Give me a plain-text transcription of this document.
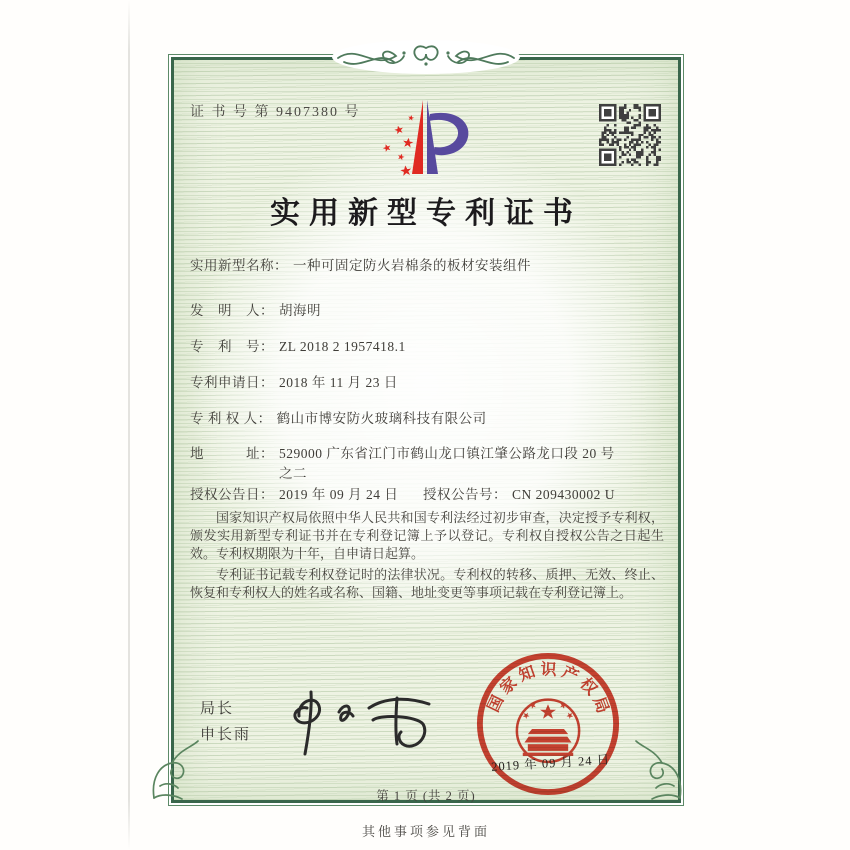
证 书 号 第 9407380 号
实用新型专利证书
实用新型名称： 一种可固定防火岩棉条的板材安装组件
发　明　人： 胡海明
专　利　号： ZL 2018 2 1957418.1
专利申请日： 2018 年 11 月 23 日
专 利 权 人： 鹤山市博安防火玻璃科技有限公司
地　　　址： 529000 广东省江门市鹤山龙口镇江肇公路龙口段 20 号之二
授权公告日： 2019 年 09 月 24 日	授权公告号： CN 209430002 U

国家知识产权局依照中华人民共和国专利法经过初步审查，决定授予专利权，颁发实用新型专利证书并在专利登记簿上予以登记。专利权自授权公告之日起生效。专利权期限为十年，自申请日起算。

专利证书记载专利权登记时的法律状况。专利权的转移、质押、无效、终止、恢复和专利权人的姓名或名称、国籍、地址变更等事项记载在专利登记簿上。

局长
申长雨
国家知识产权局
2019 年 09 月 24 日
第 1 页 (共 2 页)
其他事项参见背面
